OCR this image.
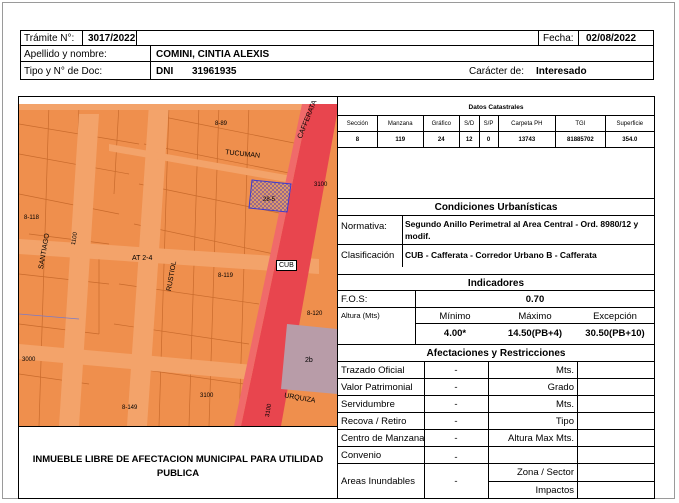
Trámite N°: 3017/2022	Fecha: 02/08/2022
Apellido y nombre:	COMINI, CINTIA ALEXIS
Tipo y N° de Doc:	DNI 31961935	Carácter de: Interesado
8-89
TUCUMAN
CAFFERATA
3100
28-5
8-118
SANTIAGO	1100
AT 2-4
RUSTIOL	8-119
CUB
8-120
2b
3100
8-149
URQUIZA
3100
3000
Datos Catastrales
Sección	Manzana	Gráfico	S/D	S/P	Carpeta PH	TGI	Superficie
8	119	24	12	0	13743	81885702	354.0
Condiciones Urbanísticas
Normativa: Segundo Anillo Perimetral al Area Central - Ord. 8980/12 y modif.
Clasificación CUB - Cafferata - Corredor Urbano B - Cafferata
Indicadores
F.O.S:	0.70
Altura (Mts)	Mínimo	Máximo	Excepción
4.00*	14.50(PB+4)	30.50(PB+10)
Afectaciones y Restricciones
Trazado Oficial	-	Mts.
Valor Patrimonial	-	Grado
Servidumbre	-	Mts.
Recova / Retiro	-	Tipo
Centro de Manzana	-	Altura Max Mts.
Convenio	-
Areas Inundables	-
Zona / Sector
Impactos
INMUEBLE LIBRE DE AFECTACION MUNICIPAL PARA UTILIDAD
PUBLICA
